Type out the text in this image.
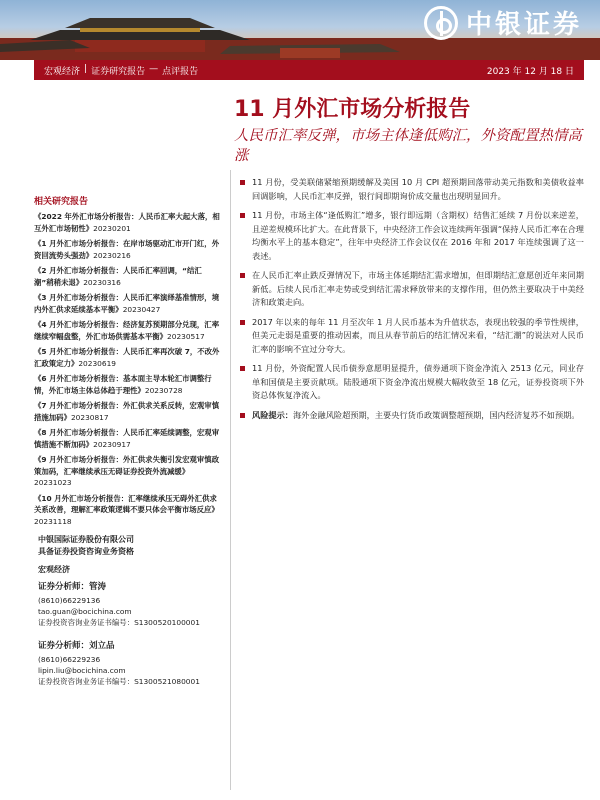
中银证券
宏观经济 | 证券研究报告 — 点评报告	2023 年 12 月 18 日
11 月外汇市场分析报告
人民币汇率反弹，市场主体逢低购汇，外资配置热情高涨
相关研究报告
《2022 年外汇市场分析报告：人民币汇率大起大落，相互外汇市场韧性》20230201
《1 月外汇市场分析报告：在岸市场驱动汇市开门红，外资回流势头强劲》20230216
《2 月外汇市场分析报告：人民币汇率回调，“结汇潮”稍稍未退》20230316
《3 月外汇市场分析报告：人民币汇率演绎基准情形，境内外汇供求延续基本平衡》20230427
《4 月外汇市场分析报告：经济复苏预期部分兑现，汇率继续窄幅盘整，外汇市场供需基本平衡》20230517
《5 月外汇市场分析报告：人民币汇率再次破 7，不改外汇政策定力》20230619
《6 月外汇市场分析报告：基本面主导本轮汇市调整行情，外汇市场主体总体趋于理性》20230728
《7 月外汇市场分析报告：外汇供求关系反转，宏观审慎措施加码》20230817
《8 月外汇市场分析报告：人民币汇率延续调整，宏观审慎措施不断加码》20230917
《9 月外汇市场分析报告：外汇供求失衡引发宏观审慎政策加码，汇率继续承压无碍证券投资外流减缓》20231023
《10 月外汇市场分析报告：汇率继续承压无碍外汇供求关系改善，理解汇率政策逻辑不要只体会平衡市场反应》20231118
中银国际证券股份有限公司
具备证券投资咨询业务资格
宏观经济
证券分析师：管涛
(8610)66229136
tao.guan@bocichina.com
证券投资咨询业务证书编号：S1300520100001
证券分析师：刘立品
(8610)66229236
lipin.liu@bocichina.com
证券投资咨询业务证书编号：S1300521080001
11 月份，受美联储紧缩预期缓解及美国 10 月 CPI 超预期回落带动美元指数和美债收益率回调影响，人民币汇率反弹，银行间即期询价成交量也出现明显回升。
11 月份，市场主体“逢低购汇”增多，银行即远期（含期权）结售汇延续 7 月份以来逆差，且逆差规模环比扩大。在此背景下，中央经济工作会议连续两年强调“保持人民币汇率在合理均衡水平上的基本稳定”，往年中央经济工作会议仅在 2016 年和 2017 年连续强调了这一表述。
在人民币汇率止跌反弹情况下，市场主体延期结汇需求增加，但即期结汇意愿创近年来同期新低。后续人民币汇率走势或受到结汇需求释放带来的支撑作用，但仍然主要取决于中美经济和政策走向。
2017 年以来的每年 11 月至次年 1 月人民币基本为升值状态，表现出较强的季节性规律，但美元走弱是重要的推动因素，而且从春节前后的结汇情况来看，“结汇潮”的说法对人民币汇率的影响不宜过分夸大。
11 月份，外资配置人民币债券意愿明显提升，债券通项下资金净流入 2513 亿元，同业存单和国债是主要贡献项。陆股通项下资金净流出规模大幅收敛至 18 亿元，证券投资项下外资总体恢复净流入。
风险提示：海外金融风险超预期，主要央行货币政策调整超预期，国内经济复苏不如预期。
